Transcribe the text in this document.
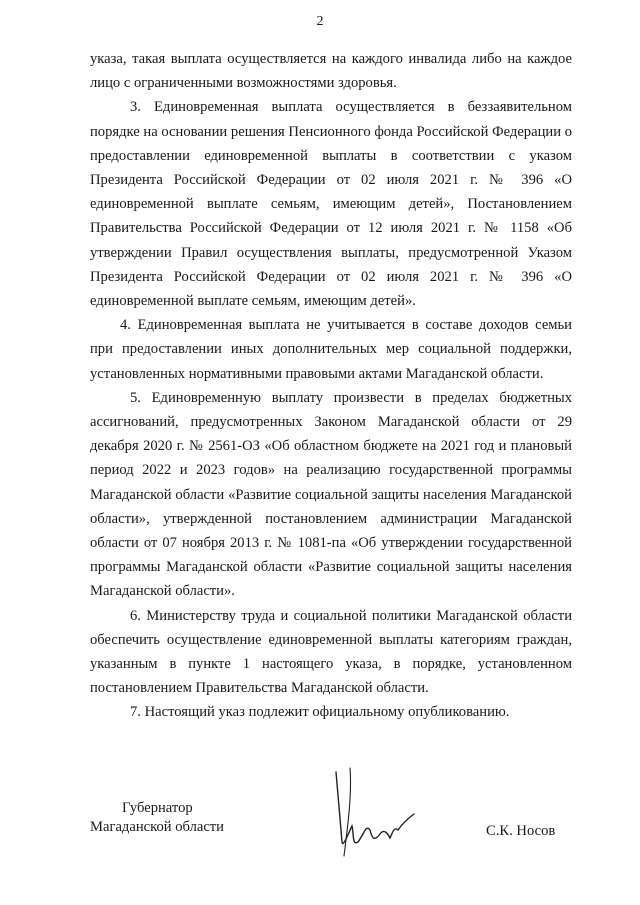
2

указа, такая выплата осуществляется на каждого инвалида либо на каждое лицо с ограниченными возможностями здоровья.

3. Единовременная выплата осуществляется в беззаявительном порядке на основании решения Пенсионного фонда Российской Федерации о предоставлении единовременной выплаты в соответствии с указом Президента Российской Федерации от 02 июля 2021 г. № 396 «О единовременной выплате семьям, имеющим детей», Постановлением Правительства Российской Федерации от 12 июля 2021 г. № 1158 «Об утверждении Правил осуществления выплаты, предусмотренной Указом Президента Российской Федерации от 02 июля 2021 г. № 396 «О единовременной выплате семьям, имеющим детей».

4. Единовременная выплата не учитывается в составе доходов семьи при предоставлении иных дополнительных мер социальной поддержки, установленных нормативными правовыми актами Магаданской области.

5. Единовременную выплату произвести в пределах бюджетных ассигнований, предусмотренных Законом Магаданской области от 29 декабря 2020 г. № 2561-ОЗ «Об областном бюджете на 2021 год и плановый период 2022 и 2023 годов» на реализацию государственной программы Магаданской области «Развитие социальной защиты населения Магаданской области», утвержденной постановлением администрации Магаданской области от 07 ноября 2013 г. № 1081-па «Об утверждении государственной программы Магаданской области «Развитие социальной защиты населения Магаданской области».

6. Министерству труда и социальной политики Магаданской области обеспечить осуществление единовременной выплаты категориям граждан, указанным в пункте 1 настоящего указа, в порядке, установленном постановлением Правительства Магаданской области.

7. Настоящий указ подлежит официальному опубликованию.

Губернатор
Магаданской области	С.К. Носов
